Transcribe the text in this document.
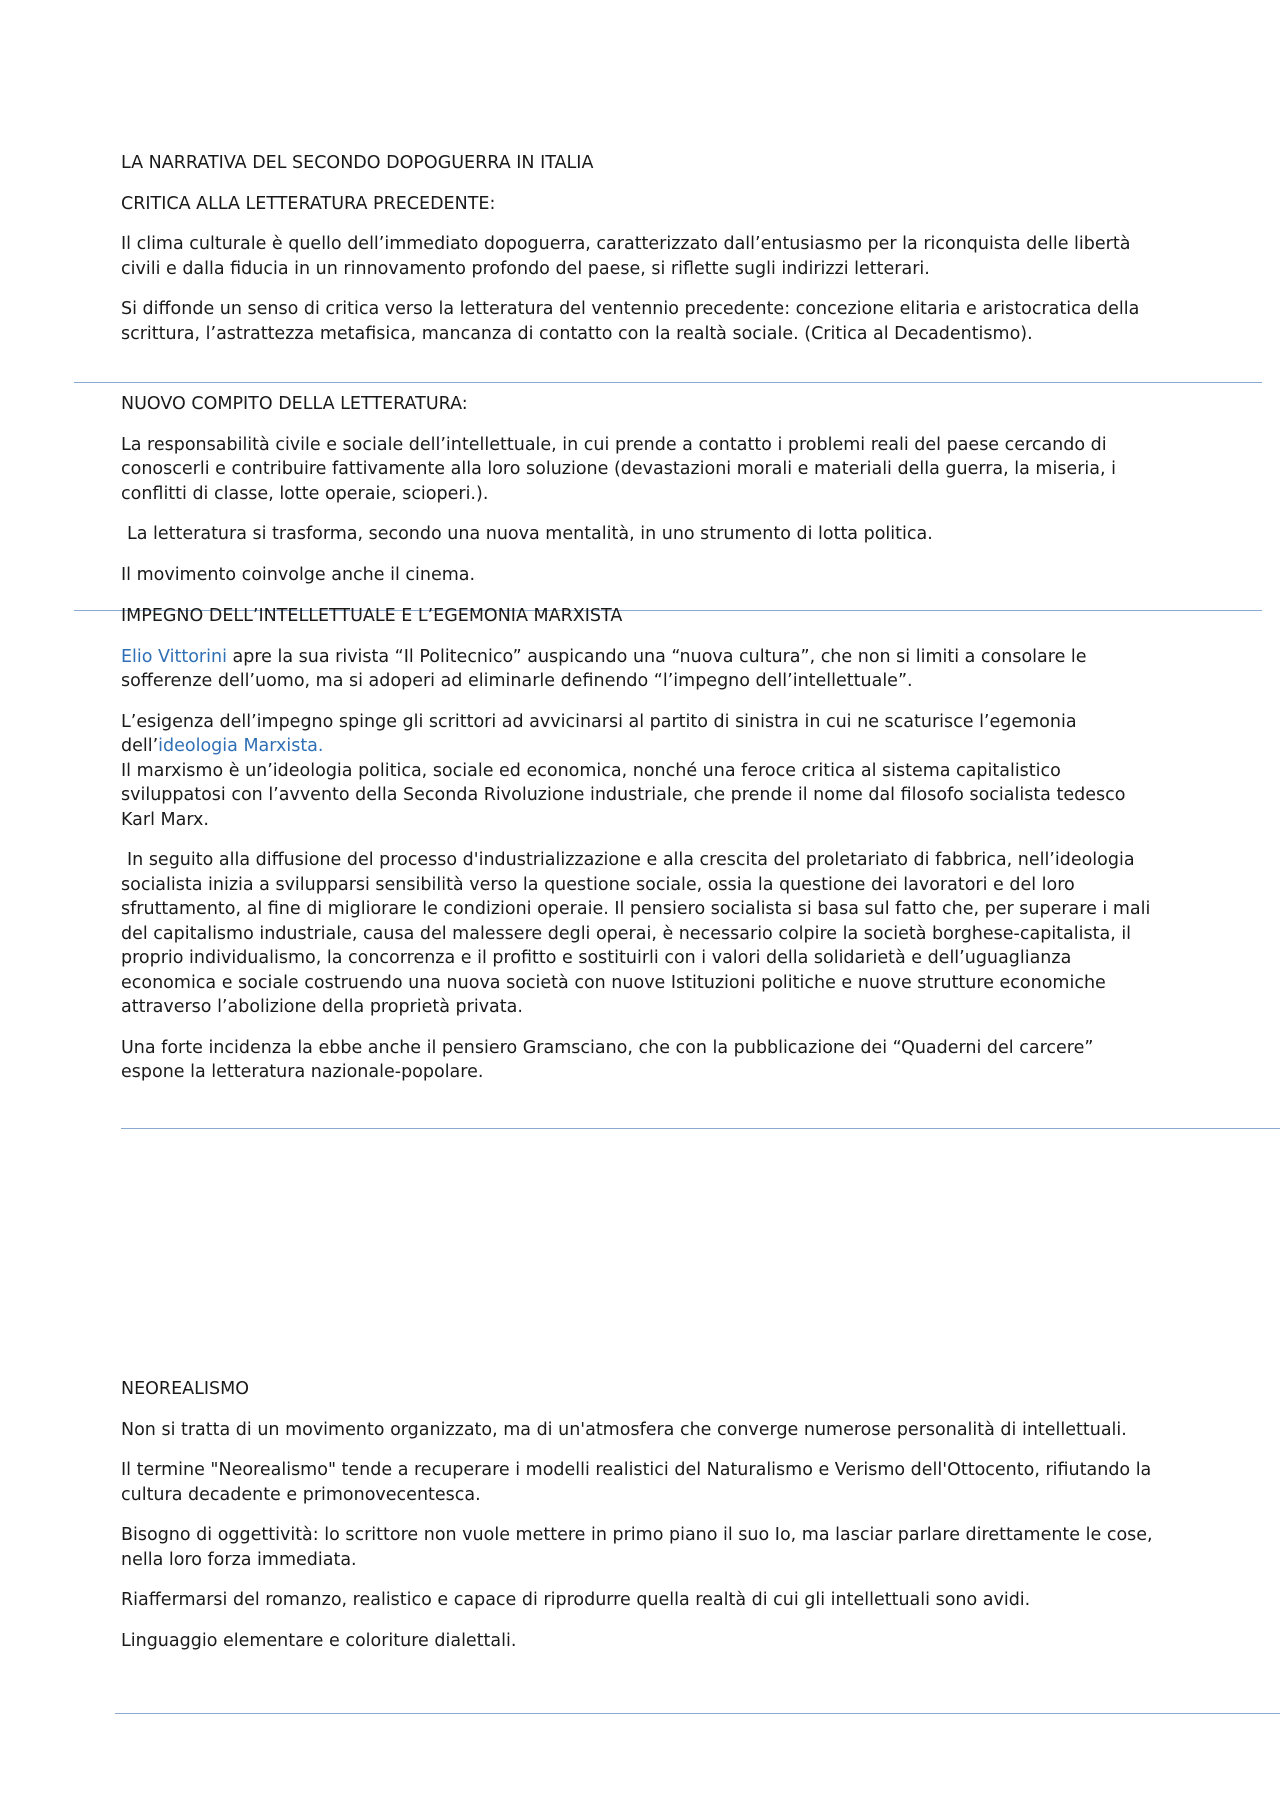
LA NARRATIVA DEL SECONDO DOPOGUERRA IN ITALIA

CRITICA ALLA LETTERATURA PRECEDENTE:

Il clima culturale è quello dell’immediato dopoguerra, caratterizzato dall’entusiasmo per la riconquista delle libertà civili e dalla fiducia in un rinnovamento profondo del paese, si riflette sugli indirizzi letterari.

Si diffonde un senso di critica verso la letteratura del ventennio precedente: concezione elitaria e aristocratica della scrittura, l’astrattezza metafisica, mancanza di contatto con la realtà sociale. (Critica al Decadentismo).

NUOVO COMPITO DELLA LETTERATURA:

La responsabilità civile e sociale dell’intellettuale, in cui prende a contatto i problemi reali del paese cercando di conoscerli e contribuire fattivamente alla loro soluzione (devastazioni morali e materiali della guerra, la miseria, i conflitti di classe, lotte operaie, scioperi.).

La letteratura si trasforma, secondo una nuova mentalità, in uno strumento di lotta politica.

Il movimento coinvolge anche il cinema.

IMPEGNO DELL’INTELLETTUALE E L’EGEMONIA MARXISTA

Elio Vittorini apre la sua rivista “Il Politecnico” auspicando una “nuova cultura”, che non si limiti a consolare le sofferenze dell’uomo, ma si adoperi ad eliminarle definendo “l’impegno dell’intellettuale”.

L’esigenza dell’impegno spinge gli scrittori ad avvicinarsi al partito di sinistra in cui ne scaturisce l’egemonia dell’ideologia Marxista.
Il marxismo è un’ideologia politica, sociale ed economica, nonché una feroce critica al sistema capitalistico sviluppatosi con l’avvento della Seconda Rivoluzione industriale, che prende il nome dal filosofo socialista tedesco Karl Marx.

In seguito alla diffusione del processo d'industrializzazione e alla crescita del proletariato di fabbrica, nell’ideologia socialista inizia a svilupparsi sensibilità verso la questione sociale, ossia la questione dei lavoratori e del loro sfruttamento, al fine di migliorare le condizioni operaie. Il pensiero socialista si basa sul fatto che, per superare i mali del capitalismo industriale, causa del malessere degli operai, è necessario colpire la società borghese-capitalista, il proprio individualismo, la concorrenza e il profitto e sostituirli con i valori della solidarietà e dell’uguaglianza economica e sociale costruendo una nuova società con nuove Istituzioni politiche e nuove strutture economiche attraverso l’abolizione della proprietà privata.

Una forte incidenza la ebbe anche il pensiero Gramsciano, che con la pubblicazione dei “Quaderni del carcere” espone la letteratura nazionale-popolare.

NEOREALISMO

Non si tratta di un movimento organizzato, ma di un'atmosfera che converge numerose personalità di intellettuali.

Il termine "Neorealismo" tende a recuperare i modelli realistici del Naturalismo e Verismo dell'Ottocento, rifiutando la cultura decadente e primonovecentesca.

Bisogno di oggettività: lo scrittore non vuole mettere in primo piano il suo Io, ma lasciar parlare direttamente le cose, nella loro forza immediata.

Riaffermarsi del romanzo, realistico e capace di riprodurre quella realtà di cui gli intellettuali sono avidi.

Linguaggio elementare e coloriture dialettali.
